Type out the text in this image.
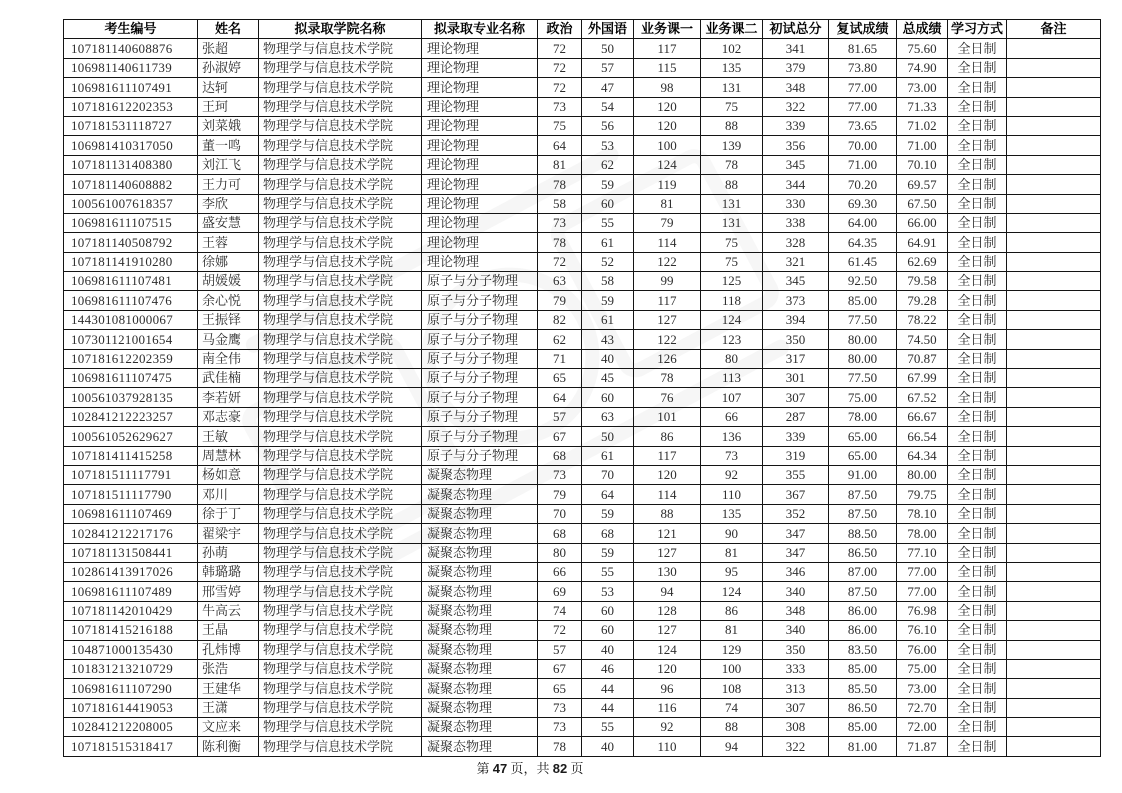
考生编号	姓名	拟录取学院名称	拟录取专业名称	政治	外国语	业务课一	业务课二	初试总分	复试成绩	总成绩	学习方式	备注
107181140608876	张超	物理学与信息技术学院	理论物理	72	50	117	102	341	81.65	75.60	全日制	
106981140611739	孙淑婷	物理学与信息技术学院	理论物理	72	57	115	135	379	73.80	74.90	全日制	
106981611107491	达轲	物理学与信息技术学院	理论物理	72	47	98	131	348	77.00	73.00	全日制	
107181612202353	王珂	物理学与信息技术学院	理论物理	73	54	120	75	322	77.00	71.33	全日制	
107181531118727	刘菜娥	物理学与信息技术学院	理论物理	75	56	120	88	339	73.65	71.02	全日制	
106981410317050	董一鸣	物理学与信息技术学院	理论物理	64	53	100	139	356	70.00	71.00	全日制	
107181131408380	刘江飞	物理学与信息技术学院	理论物理	81	62	124	78	345	71.00	70.10	全日制	
107181140608882	王力可	物理学与信息技术学院	理论物理	78	59	119	88	344	70.20	69.57	全日制	
100561007618357	李欣	物理学与信息技术学院	理论物理	58	60	81	131	330	69.30	67.50	全日制	
106981611107515	盛安慧	物理学与信息技术学院	理论物理	73	55	79	131	338	64.00	66.00	全日制	
107181140508792	王蓉	物理学与信息技术学院	理论物理	78	61	114	75	328	64.35	64.91	全日制	
107181141910280	徐娜	物理学与信息技术学院	理论物理	72	52	122	75	321	61.45	62.69	全日制	
106981611107481	胡媛媛	物理学与信息技术学院	原子与分子物理	63	58	99	125	345	92.50	79.58	全日制	
106981611107476	余心悦	物理学与信息技术学院	原子与分子物理	79	59	117	118	373	85.00	79.28	全日制	
144301081000067	王振铎	物理学与信息技术学院	原子与分子物理	82	61	127	124	394	77.50	78.22	全日制	
107301121001654	马金鹰	物理学与信息技术学院	原子与分子物理	62	43	122	123	350	80.00	74.50	全日制	
107181612202359	南全伟	物理学与信息技术学院	原子与分子物理	71	40	126	80	317	80.00	70.87	全日制	
106981611107475	武佳楠	物理学与信息技术学院	原子与分子物理	65	45	78	113	301	77.50	67.99	全日制	
100561037928135	李若妍	物理学与信息技术学院	原子与分子物理	64	60	76	107	307	75.00	67.52	全日制	
102841212223257	邓志豪	物理学与信息技术学院	原子与分子物理	57	63	101	66	287	78.00	66.67	全日制	
100561052629627	王敏	物理学与信息技术学院	原子与分子物理	67	50	86	136	339	65.00	66.54	全日制	
107181411415258	周慧林	物理学与信息技术学院	原子与分子物理	68	61	117	73	319	65.00	64.34	全日制	
107181511117791	杨如意	物理学与信息技术学院	凝聚态物理	73	70	120	92	355	91.00	80.00	全日制	
107181511117790	邓川	物理学与信息技术学院	凝聚态物理	79	64	114	110	367	87.50	79.75	全日制	
106981611107469	徐于丁	物理学与信息技术学院	凝聚态物理	70	59	88	135	352	87.50	78.10	全日制	
102841212217176	翟梁宇	物理学与信息技术学院	凝聚态物理	68	68	121	90	347	88.50	78.00	全日制	
107181131508441	孙萌	物理学与信息技术学院	凝聚态物理	80	59	127	81	347	86.50	77.10	全日制	
102861413917026	韩璐璐	物理学与信息技术学院	凝聚态物理	66	55	130	95	346	87.00	77.00	全日制	
106981611107489	邢雪婷	物理学与信息技术学院	凝聚态物理	69	53	94	124	340	87.50	77.00	全日制	
107181142010429	牛高云	物理学与信息技术学院	凝聚态物理	74	60	128	86	348	86.00	76.98	全日制	
107181415216188	王晶	物理学与信息技术学院	凝聚态物理	72	60	127	81	340	86.00	76.10	全日制	
104871000135430	孔炜博	物理学与信息技术学院	凝聚态物理	57	40	124	129	350	83.50	76.00	全日制	
101831213210729	张浩	物理学与信息技术学院	凝聚态物理	67	46	120	100	333	85.00	75.00	全日制	
106981611107290	王建华	物理学与信息技术学院	凝聚态物理	65	44	96	108	313	85.50	73.00	全日制	
107181614419053	王潇	物理学与信息技术学院	凝聚态物理	73	44	116	74	307	86.50	72.70	全日制	
102841212208005	文应来	物理学与信息技术学院	凝聚态物理	73	55	92	88	308	85.00	72.00	全日制	
107181515318417	陈利衡	物理学与信息技术学院	凝聚态物理	78	40	110	94	322	81.00	71.87	全日制	
第 47 页，共 82 页
